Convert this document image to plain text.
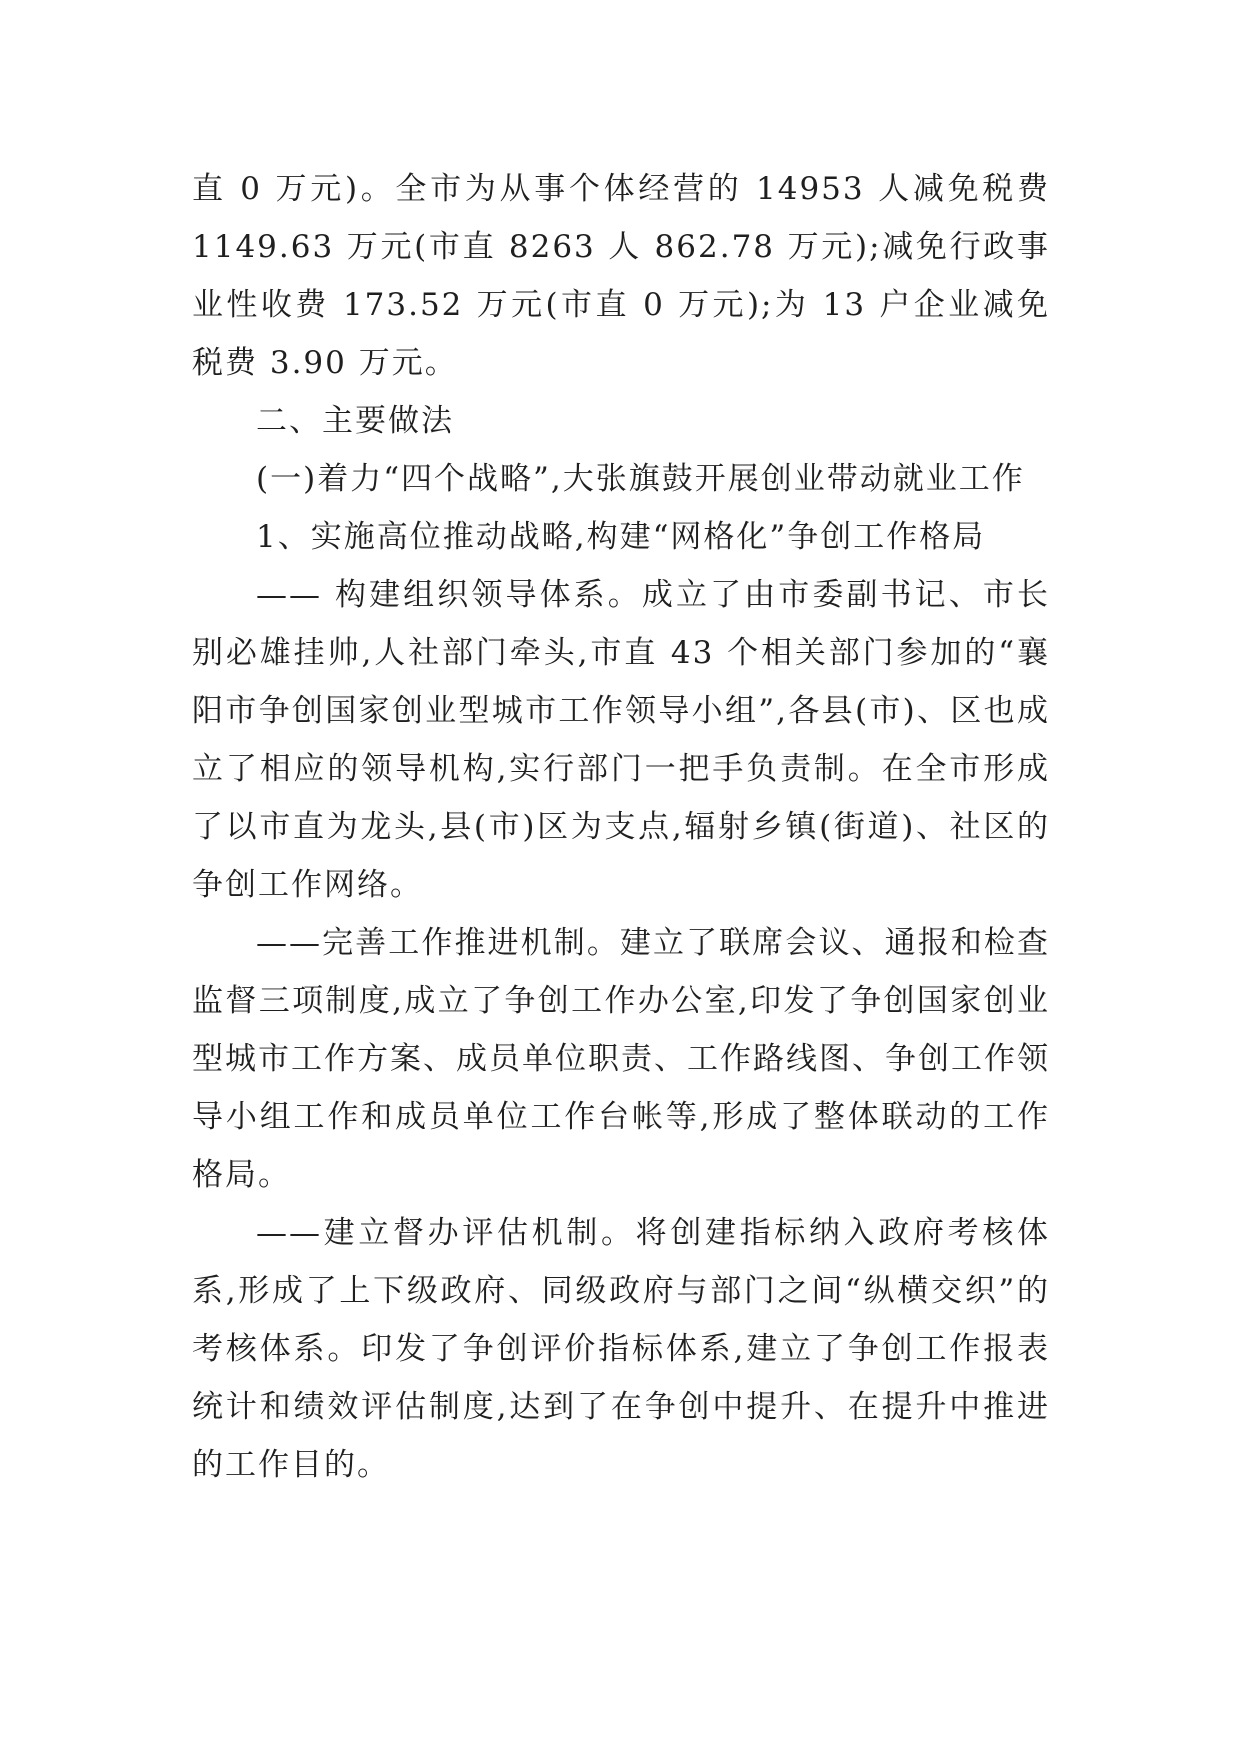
直 0 万元)。全市为从事个体经营的 14953 人减免税费 1149.63 万元(市直 8263 人 862.78 万元);减免行政事业性收费 173.52 万元(市直 0 万元);为 13 户企业减免税费 3.90 万元。

二、主要做法

(一)着力“四个战略”,大张旗鼓开展创业带动就业工作

1、实施高位推动战略,构建“网格化”争创工作格局

—— 构建组织领导体系。成立了由市委副书记、市长别必雄挂帅,人社部门牵头,市直 43 个相关部门参加的“襄阳市争创国家创业型城市工作领导小组”,各县(市)、区也成立了相应的领导机构,实行部门一把手负责制。在全市形成了以市直为龙头,县(市)区为支点,辐射乡镇(街道)、社区的争创工作网络。

——完善工作推进机制。建立了联席会议、通报和检查监督三项制度,成立了争创工作办公室,印发了争创国家创业型城市工作方案、成员单位职责、工作路线图、争创工作领导小组工作和成员单位工作台帐等,形成了整体联动的工作格局。

——建立督办评估机制。将创建指标纳入政府考核体系,形成了上下级政府、同级政府与部门之间“纵横交织”的考核体系。印发了争创评价指标体系,建立了争创工作报表统计和绩效评估制度,达到了在争创中提升、在提升中推进的工作目的。
